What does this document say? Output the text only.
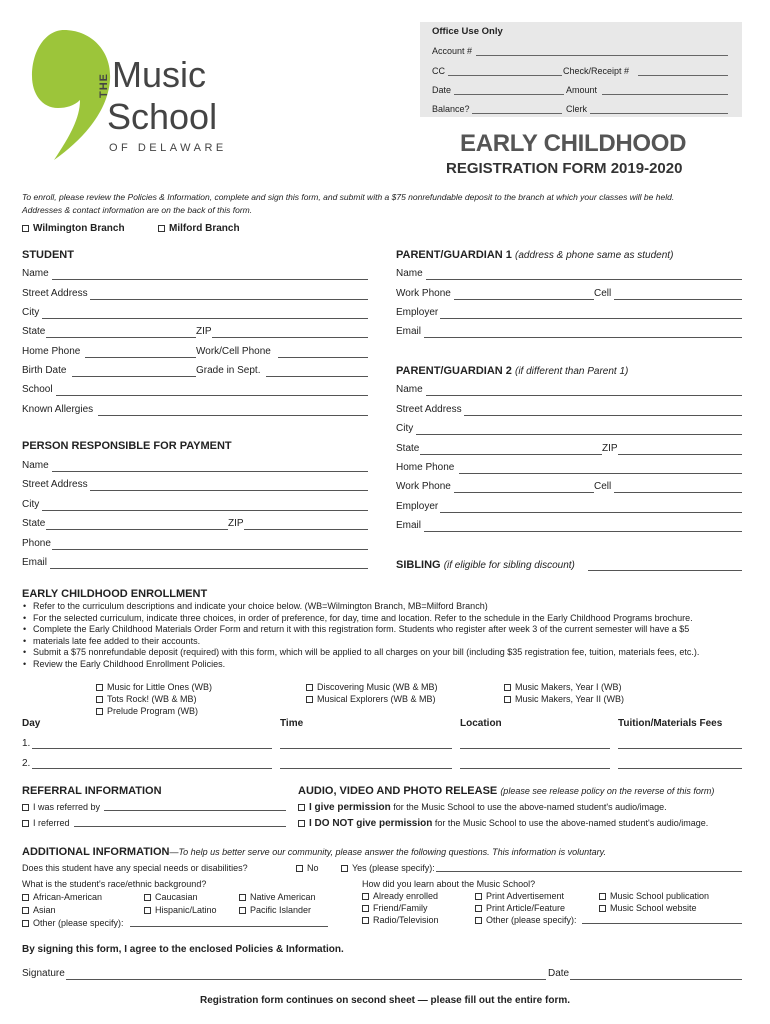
THE Music
School
OF DELAWARE
Office Use Only
Account #
CC	Check/Receipt #
Date	Amount
Balance?	Clerk
EARLY CHILDHOOD
REGISTRATION FORM 2019-2020
To enroll, please review the Policies & Information, complete and sign this form, and submit with a $75 nonrefundable deposit to the branch at which your classes will be held.
Addresses & contact information are on the back of this form.
Wilmington Branch	Milford Branch
STUDENT
Name
Street Address
City
State	ZIP
Home Phone	Work/Cell Phone
Birth Date	Grade in Sept.
School
Known Allergies
PERSON RESPONSIBLE FOR PAYMENT
Name
Street Address
City
State	ZIP
Phone
Email
PARENT/GUARDIAN 1 (address & phone same as student)
Name
Work Phone	Cell
Employer
Email
PARENT/GUARDIAN 2 (if different than Parent 1)
Name
Street Address
City
State	ZIP
Home Phone
Work Phone	Cell
Employer
Email
SIBLING (if eligible for sibling discount)
EARLY CHILDHOOD ENROLLMENT
• Refer to the curriculum descriptions and indicate your choice below. (WB=Wilmington Branch, MB=Milford Branch)
• For the selected curriculum, indicate three choices, in order of preference, for day, time and location. Refer to the schedule in the Early Childhood Programs brochure.
• Complete the Early Childhood Materials Order Form and return it with this registration form. Students who register after week 3 of the current semester will have a $5
• materials late fee added to their accounts.
• Submit a $75 nonrefundable deposit (required) with this form, which will be applied to all charges on your bill (including $35 registration fee, tuition, materials fees, etc.).
• Review the Early Childhood Enrollment Policies.
Music for Little Ones (WB)
Tots Rock! (WB & MB)
Prelude Program (WB)
Discovering Music (WB & MB)
Musical Explorers (WB & MB)
Music Makers, Year I (WB)
Music Makers, Year II (WB)
Day	Time	Location	Tuition/Materials Fees
1.
2.
REFERRAL INFORMATION
I was referred by
I referred
AUDIO, VIDEO AND PHOTO RELEASE (please see release policy on the reverse of this form)
I give permission for the Music School to use the above-named student's audio/image.
I DO NOT give permission for the Music School to use the above-named student's audio/image.
ADDITIONAL INFORMATION—To help us better serve our community, please answer the following questions. This information is voluntary.
Does this student have any special needs or disabilities?	No	Yes (please specify):
What is the student's race/ethnic background?
African-American
Asian
Other (please specify):
Caucasian
Hispanic/Latino
Native American
Pacific Islander
How did you learn about the Music School?
Already enrolled
Friend/Family
Radio/Television
Print Advertisement
Print Article/Feature
Other (please specify):
Music School publication
Music School website
By signing this form, I agree to the enclosed Policies & Information.
Signature	Date
Registration form continues on second sheet — please fill out the entire form.
